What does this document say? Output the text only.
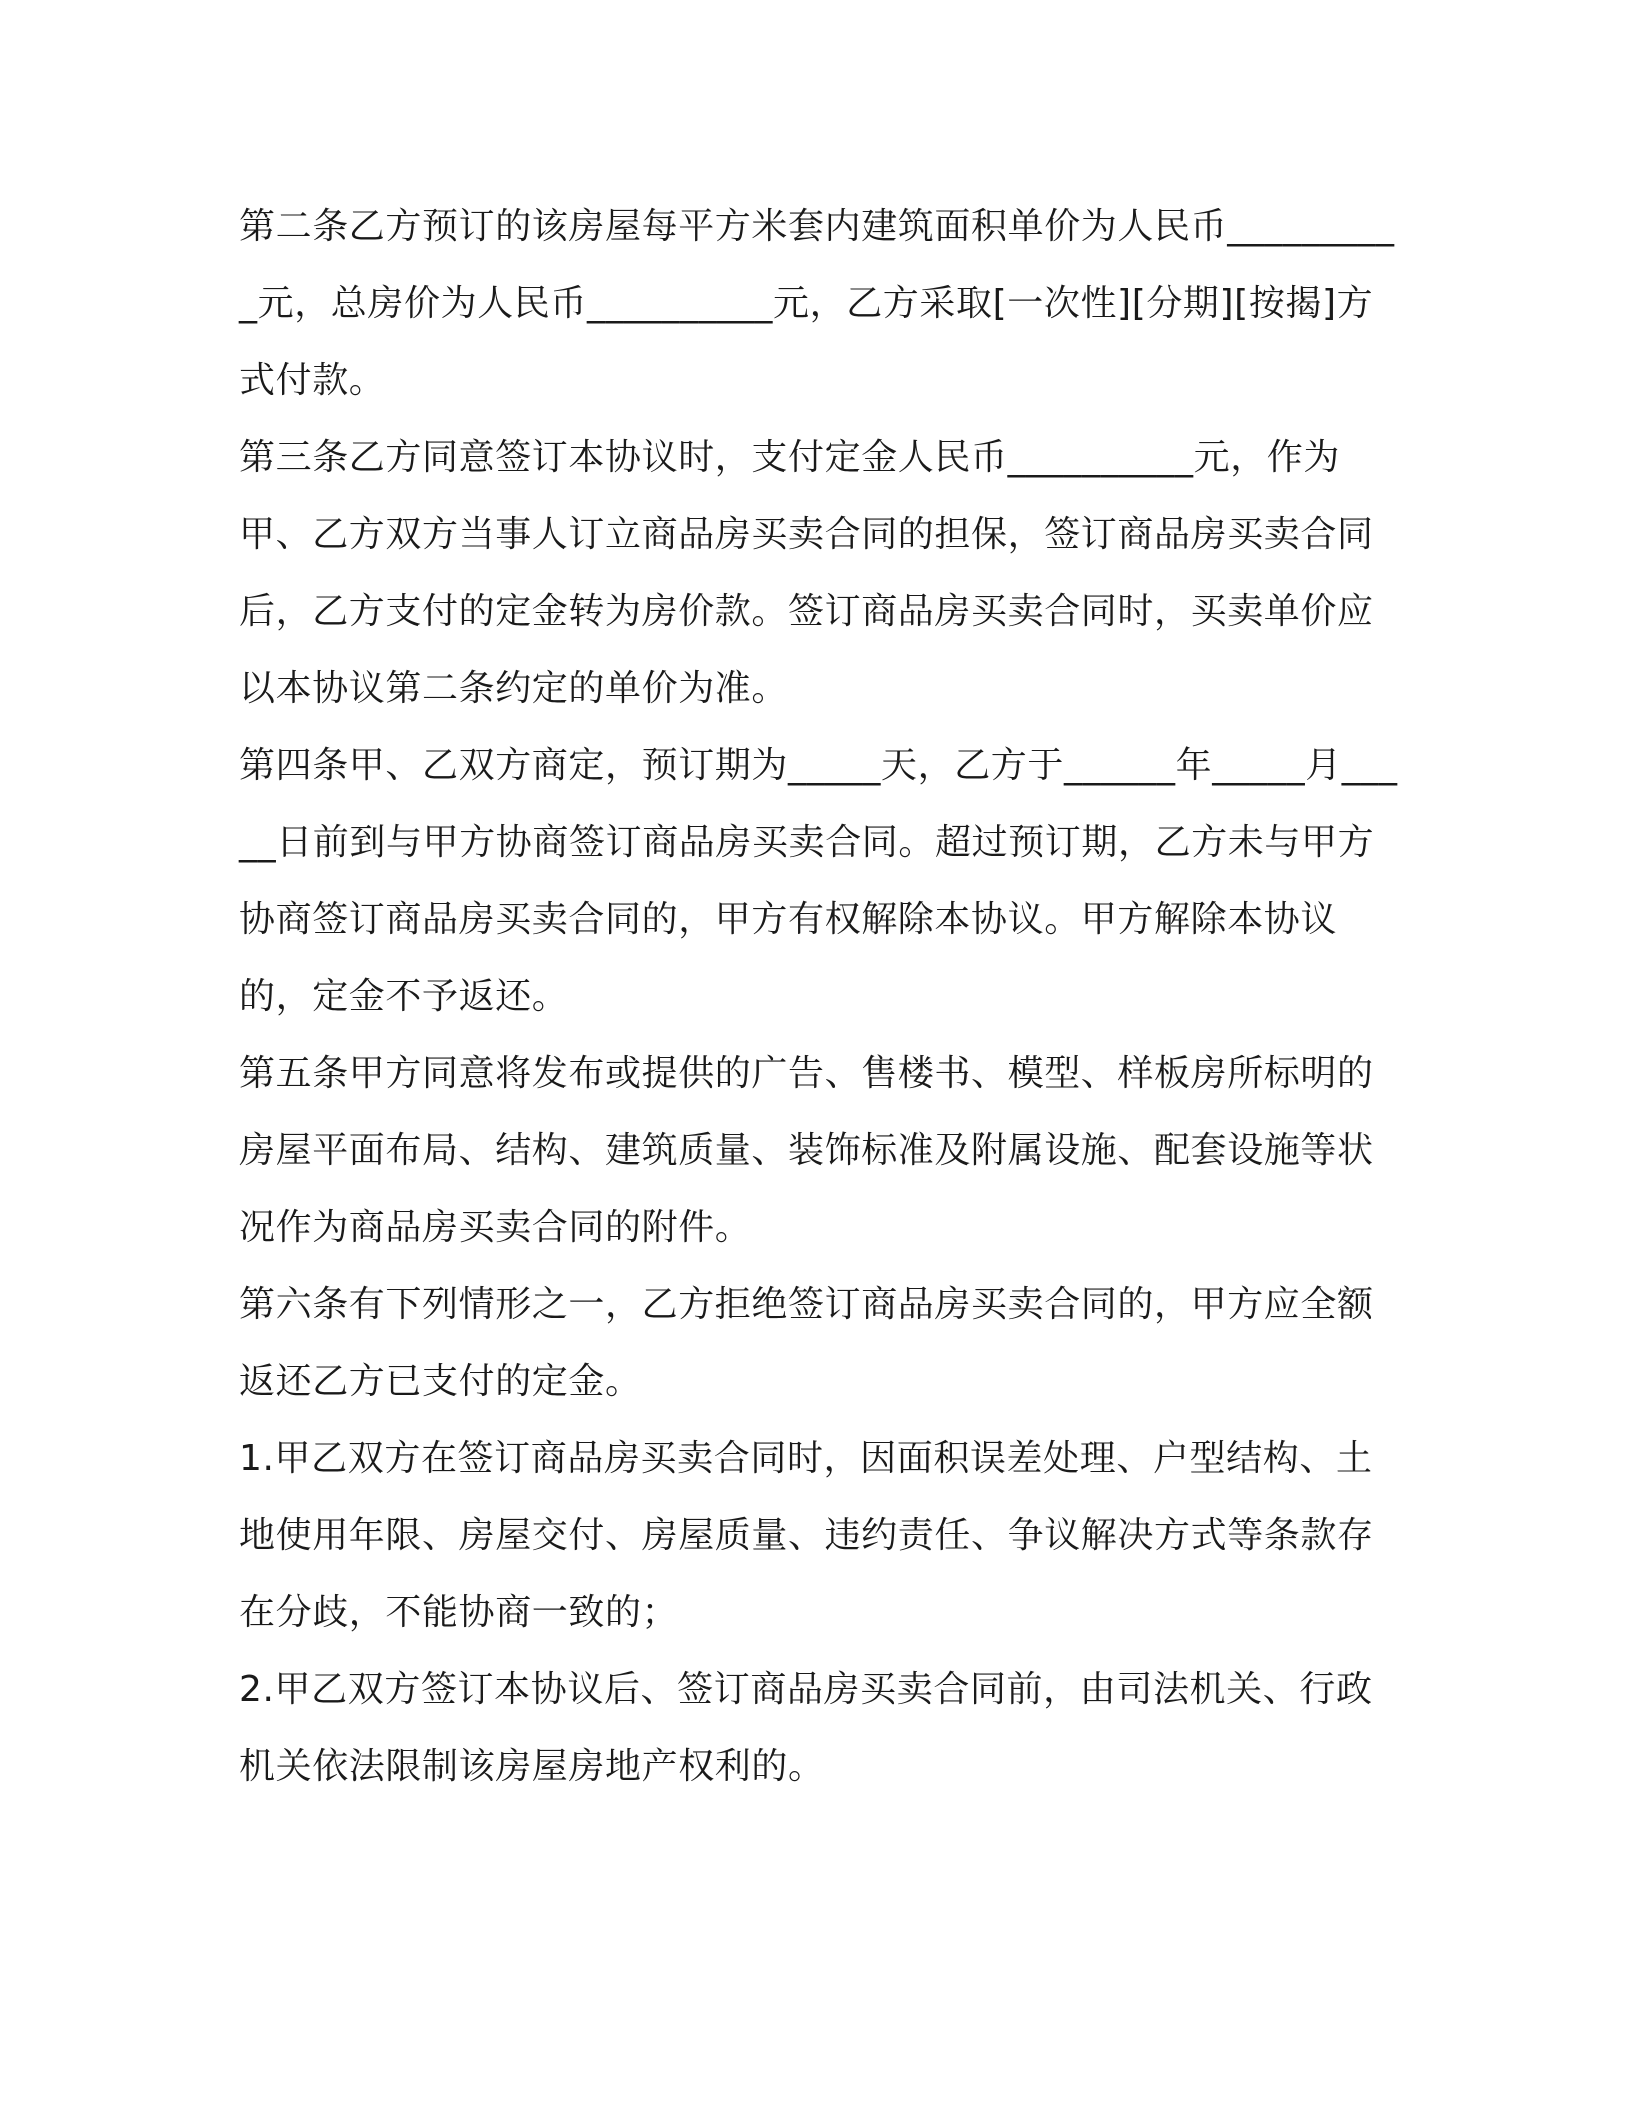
第二条乙方预订的该房屋每平方米套内建筑面积单价为人民币__________元，总房价为人民币__________元，乙方采取[一次性][分期][按揭]方式付款。

第三条乙方同意签订本协议时，支付定金人民币__________元，作为甲、乙方双方当事人订立商品房买卖合同的担保，签订商品房买卖合同后，乙方支付的定金转为房价款。签订商品房买卖合同时，买卖单价应以本协议第二条约定的单价为准。

第四条甲、乙双方商定，预订期为_____天，乙方于______年_____月_____日前到与甲方协商签订商品房买卖合同。超过预订期，乙方未与甲方协商签订商品房买卖合同的，甲方有权解除本协议。甲方解除本协议的，定金不予返还。

第五条甲方同意将发布或提供的广告、售楼书、模型、样板房所标明的房屋平面布局、结构、建筑质量、装饰标准及附属设施、配套设施等状况作为商品房买卖合同的附件。

第六条有下列情形之一，乙方拒绝签订商品房买卖合同的，甲方应全额返还乙方已支付的定金。

1.甲乙双方在签订商品房买卖合同时，因面积误差处理、户型结构、土地使用年限、房屋交付、房屋质量、违约责任、争议解决方式等条款存在分歧，不能协商一致的；

2.甲乙双方签订本协议后、签订商品房买卖合同前，由司法机关、行政机关依法限制该房屋房地产权利的。
